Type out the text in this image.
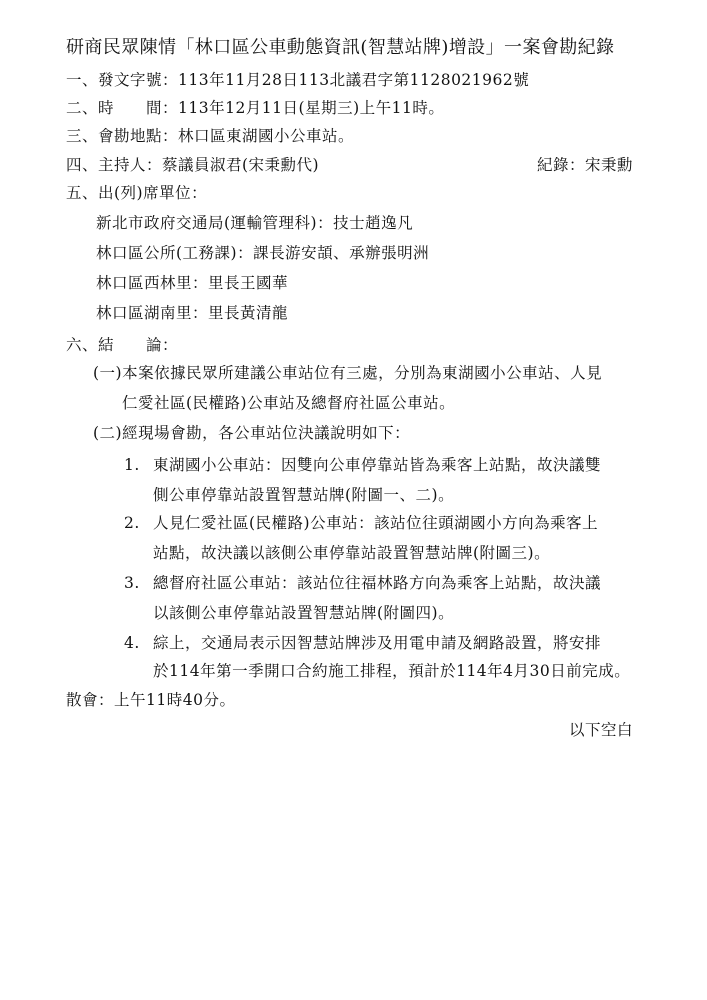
研商民眾陳情「林口區公車動態資訊(智慧站牌)增設」一案會勘紀錄
一、發文字號：113年11月28日113北議君字第1128021962號
二、時　　間：113年12月11日(星期三)上午11時。
三、會勘地點：林口區東湖國小公車站。
四、主持人：蔡議員淑君(宋秉勳代)	紀錄：宋秉勳
五、出(列)席單位：
新北市政府交通局(運輸管理科)：技士趙逸凡
林口區公所(工務課)：課長游安頡、承辦張明洲
林口區西林里：里長王國華
林口區湖南里：里長黃清龍
六、結　　論：
(一)本案依據民眾所建議公車站位有三處，分別為東湖國小公車站、人見
仁愛社區(民權路)公車站及總督府社區公車站。
(二)經現場會勘，各公車站位決議說明如下：
1. 東湖國小公車站：因雙向公車停靠站皆為乘客上站點，故決議雙
側公車停靠站設置智慧站牌(附圖一、二)。
2. 人見仁愛社區(民權路)公車站：該站位往頭湖國小方向為乘客上
站點，故決議以該側公車停靠站設置智慧站牌(附圖三)。
3. 總督府社區公車站：該站位往福林路方向為乘客上站點，故決議
以該側公車停靠站設置智慧站牌(附圖四)。
4. 綜上，交通局表示因智慧站牌涉及用電申請及網路設置，將安排
於114年第一季開口合約施工排程，預計於114年4月30日前完成。
散會：上午11時40分。
以下空白
